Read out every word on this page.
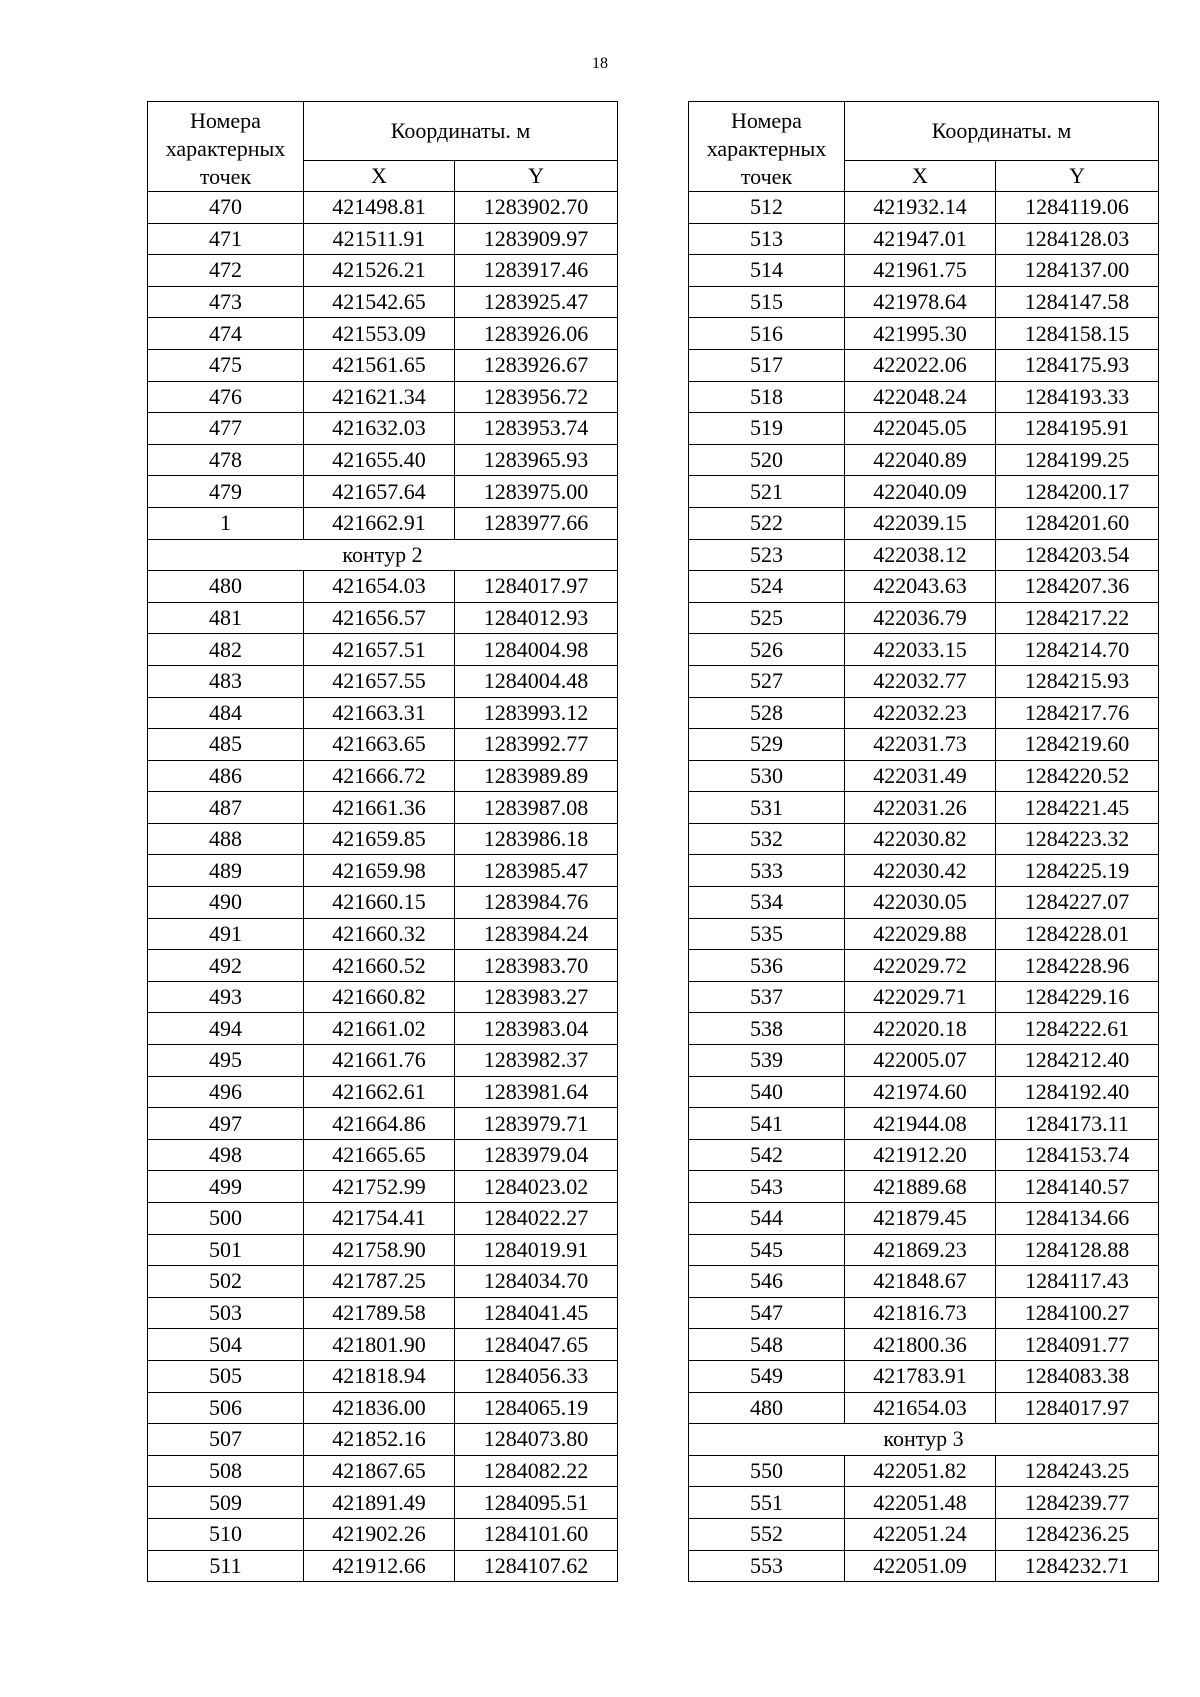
18
Номера характерных точек	Координаты. м	
	X	Y
470	421498.81	1283902.70
471	421511.91	1283909.97
472	421526.21	1283917.46
473	421542.65	1283925.47
474	421553.09	1283926.06
475	421561.65	1283926.67
476	421621.34	1283956.72
477	421632.03	1283953.74
478	421655.40	1283965.93
479	421657.64	1283975.00
1	421662.91	1283977.66
контур 2		
480	421654.03	1284017.97
481	421656.57	1284012.93
482	421657.51	1284004.98
483	421657.55	1284004.48
484	421663.31	1283993.12
485	421663.65	1283992.77
486	421666.72	1283989.89
487	421661.36	1283987.08
488	421659.85	1283986.18
489	421659.98	1283985.47
490	421660.15	1283984.76
491	421660.32	1283984.24
492	421660.52	1283983.70
493	421660.82	1283983.27
494	421661.02	1283983.04
495	421661.76	1283982.37
496	421662.61	1283981.64
497	421664.86	1283979.71
498	421665.65	1283979.04
499	421752.99	1284023.02
500	421754.41	1284022.27
501	421758.90	1284019.91
502	421787.25	1284034.70
503	421789.58	1284041.45
504	421801.90	1284047.65
505	421818.94	1284056.33
506	421836.00	1284065.19
507	421852.16	1284073.80
508	421867.65	1284082.22
509	421891.49	1284095.51
510	421902.26	1284101.60
511	421912.66	1284107.62
Номера характерных точек	Координаты. м	
	X	Y
512	421932.14	1284119.06
513	421947.01	1284128.03
514	421961.75	1284137.00
515	421978.64	1284147.58
516	421995.30	1284158.15
517	422022.06	1284175.93
518	422048.24	1284193.33
519	422045.05	1284195.91
520	422040.89	1284199.25
521	422040.09	1284200.17
522	422039.15	1284201.60
523	422038.12	1284203.54
524	422043.63	1284207.36
525	422036.79	1284217.22
526	422033.15	1284214.70
527	422032.77	1284215.93
528	422032.23	1284217.76
529	422031.73	1284219.60
530	422031.49	1284220.52
531	422031.26	1284221.45
532	422030.82	1284223.32
533	422030.42	1284225.19
534	422030.05	1284227.07
535	422029.88	1284228.01
536	422029.72	1284228.96
537	422029.71	1284229.16
538	422020.18	1284222.61
539	422005.07	1284212.40
540	421974.60	1284192.40
541	421944.08	1284173.11
542	421912.20	1284153.74
543	421889.68	1284140.57
544	421879.45	1284134.66
545	421869.23	1284128.88
546	421848.67	1284117.43
547	421816.73	1284100.27
548	421800.36	1284091.77
549	421783.91	1284083.38
480	421654.03	1284017.97
контур 3		
550	422051.82	1284243.25
551	422051.48	1284239.77
552	422051.24	1284236.25
553	422051.09	1284232.71
